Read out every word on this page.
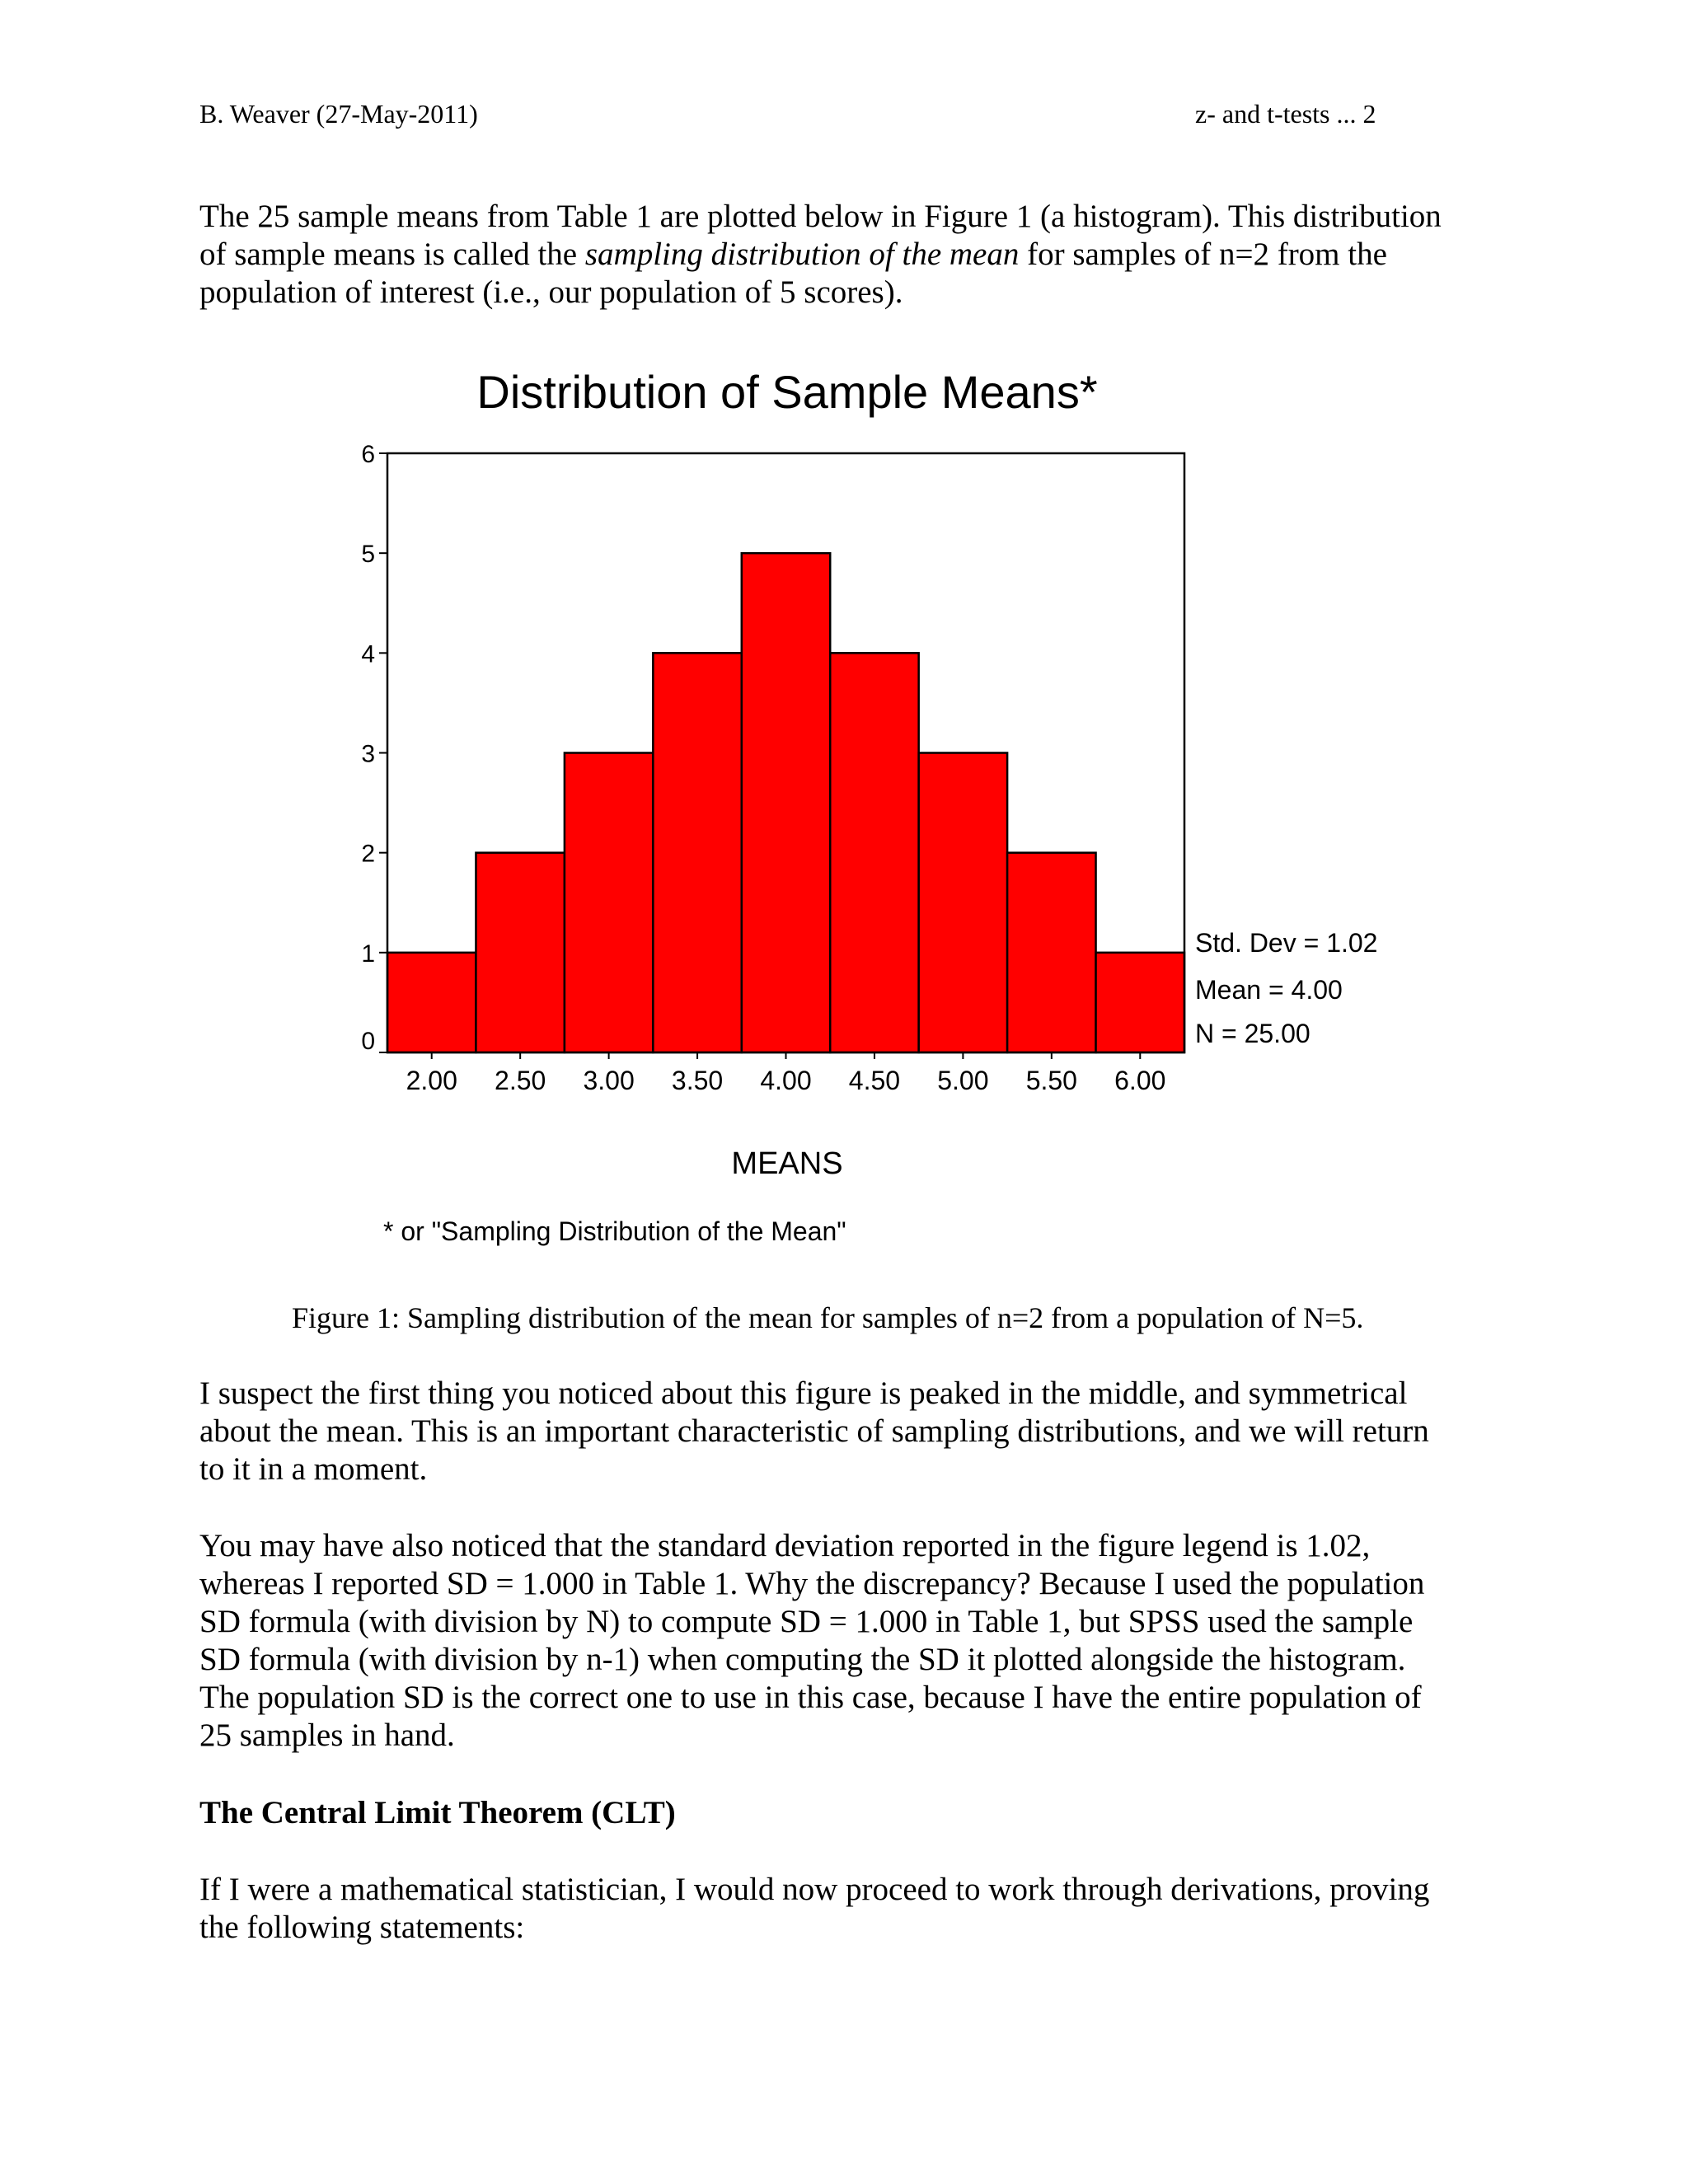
B. Weaver (27-May-2011)	z- and t-tests ... 2
The 25 sample means from Table 1 are plotted below in Figure 1 (a histogram). This distribution
of sample means is called the sampling distribution of the mean for samples of n=2 from the
population of interest (i.e., our population of 5 scores).
Distribution of Sample Means*
0
1
2
3
4
5
6
2.00 2.50 3.00 3.50 4.00 4.50 5.00 5.50 6.00
MEANS
Std. Dev = 1.02
Mean = 4.00
N = 25.00
* or "Sampling Distribution of the Mean"
Figure 1: Sampling distribution of the mean for samples of n=2 from a population of N=5.
I suspect the first thing you noticed about this figure is peaked in the middle, and symmetrical
about the mean. This is an important characteristic of sampling distributions, and we will return
to it in a moment.
You may have also noticed that the standard deviation reported in the figure legend is 1.02,
whereas I reported SD = 1.000 in Table 1. Why the discrepancy? Because I used the population
SD formula (with division by N) to compute SD = 1.000 in Table 1, but SPSS used the sample
SD formula (with division by n-1) when computing the SD it plotted alongside the histogram.
The population SD is the correct one to use in this case, because I have the entire population of
25 samples in hand.
The Central Limit Theorem (CLT)
If I were a mathematical statistician, I would now proceed to work through derivations, proving
the following statements:
